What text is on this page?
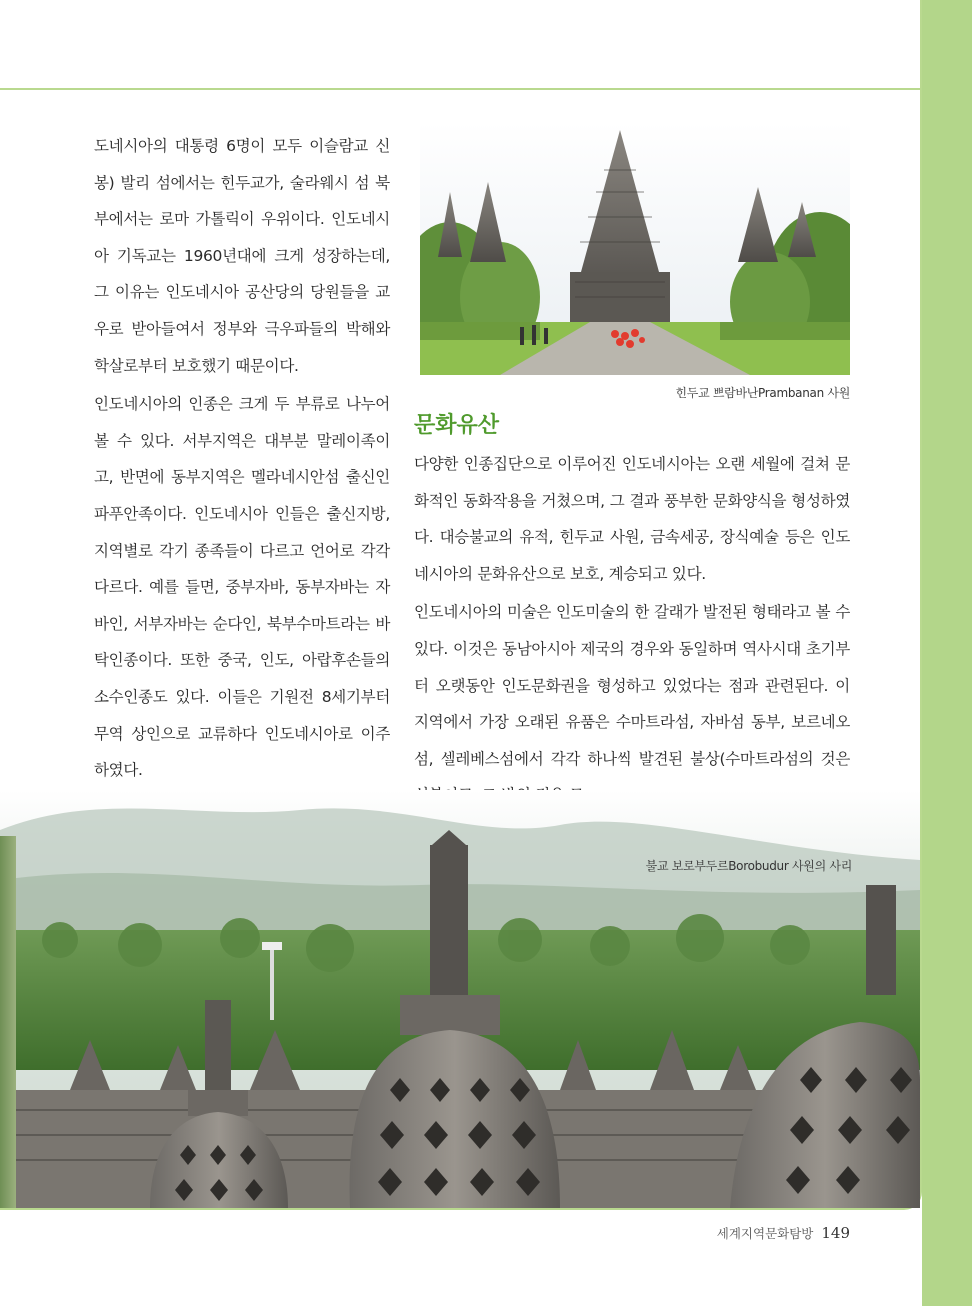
도네시아의 대통령 6명이 모두 이슬람교 신봉) 발리 섬에서는 힌두교가, 술라웨시 섬 북부에서는 로마 가톨릭이 우위이다. 인도네시아 기독교는 1960년대에 크게 성장하는데, 그 이유는 인도네시아 공산당의 당원들을 교우로 받아들여서 정부와 극우파들의 박해와 학살로부터 보호했기 때문이다.

인도네시아의 인종은 크게 두 부류로 나누어 볼 수 있다. 서부지역은 대부분 말레이족이고, 반면에 동부지역은 멜라네시안섬 출신인 파푸안족이다. 인도네시아 인들은 출신지방, 지역별로 각기 종족들이 다르고 언어로 각각 다르다. 예를 들면, 중부자바, 동부자바는 자바인, 서부자바는 순다인, 북부수마트라는 바탁인종이다. 또한 중국, 인도, 아랍후손들의 소수인종도 있다. 이들은 기원전 8세기부터 무역 상인으로 교류하다 인도네시아로 이주하였다.

힌두교 쁘람바난Prambanan 사원
문화유산

다양한 인종집단으로 이루어진 인도네시아는 오랜 세월에 걸쳐 문화적인 동화작용을 거쳤으며, 그 결과 풍부한 문화양식을 형성하였다. 대승불교의 유적, 힌두교 사원, 금속세공, 장식예술 등은 인도네시아의 문화유산으로 보호, 계승되고 있다.

인도네시아의 미술은 인도미술의 한 갈래가 발전된 형태라고 볼 수 있다. 이것은 동남아시아 제국의 경우와 동일하며 역사시대 초기부터 오랫동안 인도문화권을 형성하고 있었다는 점과 관련된다. 이 지역에서 가장 오래된 유품은 수마트라섬, 자바섬 동부, 보르네오섬, 셀레베스섬에서 각각 하나씩 발견된 불상(수마트라섬의 것은

불교 보로부두르Borobudur 사원의 사리
세계지역문화탐방 149
